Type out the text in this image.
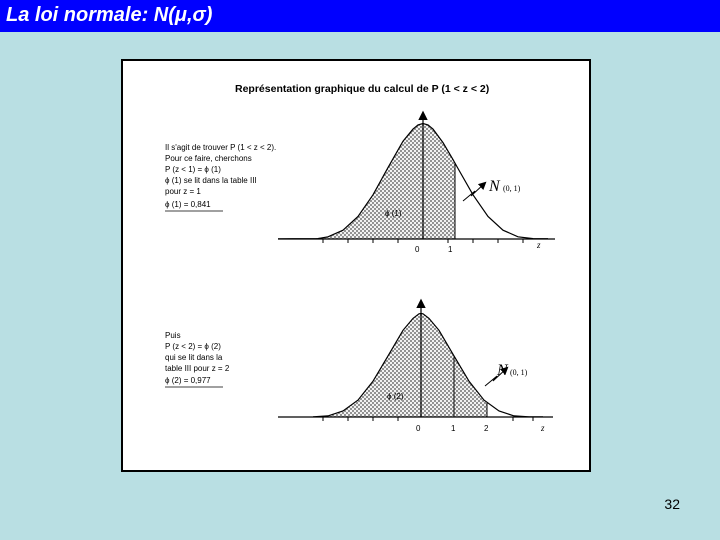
La loi normale: N(μ,σ)
Représentation graphique du calcul de P (1 < z < 2)
Il s'agit de trouver P (1 < z < 2).
Pour ce faire, cherchons
P (z < 1) = ϕ (1)
ϕ (1) se lit dans la table III
pour z = 1
ϕ (1) = 0,841
0	1	z
ϕ (1)
N (0, 1)
Puis
P (z < 2) = ϕ (2)
qui se lit dans la
table III pour z = 2
ϕ (2) = 0,977
0	1	2	z
ϕ (2)
N (0, 1)
32
